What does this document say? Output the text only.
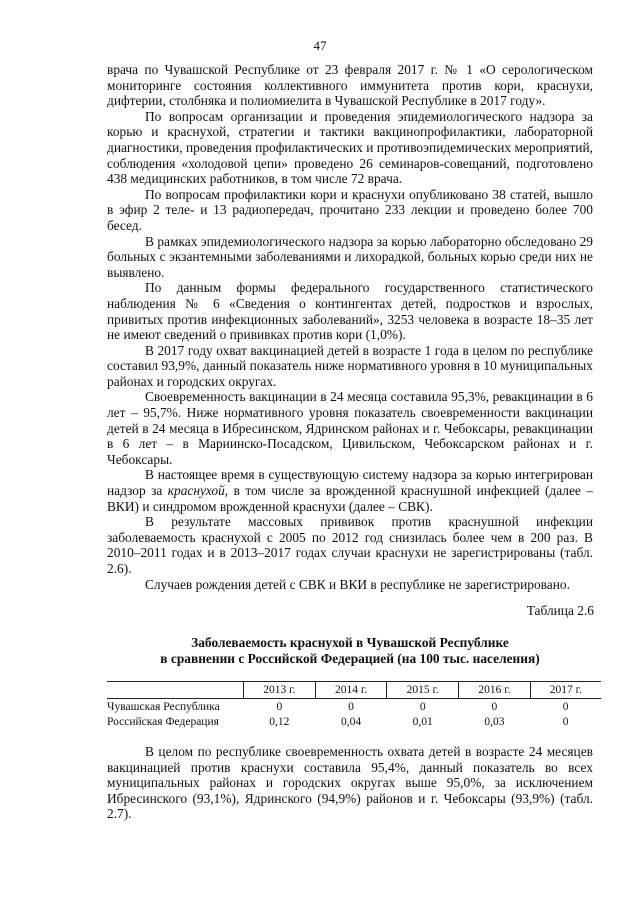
47

врача по Чувашской Республике от 23 февраля 2017 г. № 1 «О серологическом мониторинге состояния коллективного иммунитета против кори, краснухи, дифтерии, столбняка и полиомиелита в Чувашской Республике в 2017 году».

По вопросам организации и проведения эпидемиологического надзора за корью и краснухой, стратегии и тактики вакцинопрофилактики, лабораторной диагностики, проведения профилактических и противоэпидемических мероприятий, соблюдения «холодовой цепи» проведено 26 семинаров-совещаний, подготовлено 438 медицинских работников, в том числе 72 врача.

По вопросам профилактики кори и краснухи опубликовано 38 статей, вышло в эфир 2 теле- и 13 радиопередач, прочитано 233 лекции и проведено более 700 бесед.

В рамках эпидемиологического надзора за корью лабораторно обследовано 29 больных с экзантемными заболеваниями и лихорадкой, больных корью среди них не выявлено.

По данным формы федерального государственного статистического наблюдения № 6 «Сведения о контингентах детей, подростков и взрослых, привитых против инфекционных заболеваний», 3253 человека в возрасте 18–35 лет не имеют сведений о прививках против кори (1,0%).

В 2017 году охват вакцинацией детей в возрасте 1 года в целом по республике составил 93,9%, данный показатель ниже нормативного уровня в 10 муниципальных районах и городских округах.

Своевременность вакцинации в 24 месяца составила 95,3%, ревакцинации в 6 лет – 95,7%. Ниже нормативного уровня показатель своевременности вакцинации детей в 24 месяца в Ибресинском, Ядринском районах и г. Чебоксары, ревакцинации в 6 лет – в Мариинско-Посадском, Цивильском, Чебоксарском районах и г. Чебоксары.

В настоящее время в существующую систему надзора за корью интегрирован надзор за краснухой, в том числе за врожденной краснушной инфекцией (далее – ВКИ) и синдромом врожденной краснухи (далее – СВК).

В результате массовых прививок против краснушной инфекции заболеваемость краснухой с 2005 по 2012 год снизилась более чем в 200 раз. В 2010–2011 годах и в 2013–2017 годах случаи краснухи не зарегистрированы (табл. 2.6).

Случаев рождения детей с СВК и ВКИ в республике не зарегистрировано.

Таблица 2.6
Заболеваемость краснухой в Чувашской Республике
в сравнении с Российской Федерацией (на 100 тыс. населения)
	2013 г.	2014 г.	2015 г.	2016 г.	2017 г.
Чувашская Республика	0	0	0	0	0
Российская Федерация	0,12	0,04	0,01	0,03	0

В целом по республике своевременность охвата детей в возрасте 24 месяцев вакцинацией против краснухи составила 95,4%, данный показатель во всех муниципальных районах и городских округах выше 95,0%, за исключением Ибресинского (93,1%), Ядринского (94,9%) районов и г. Чебоксары (93,9%) (табл. 2.7).
